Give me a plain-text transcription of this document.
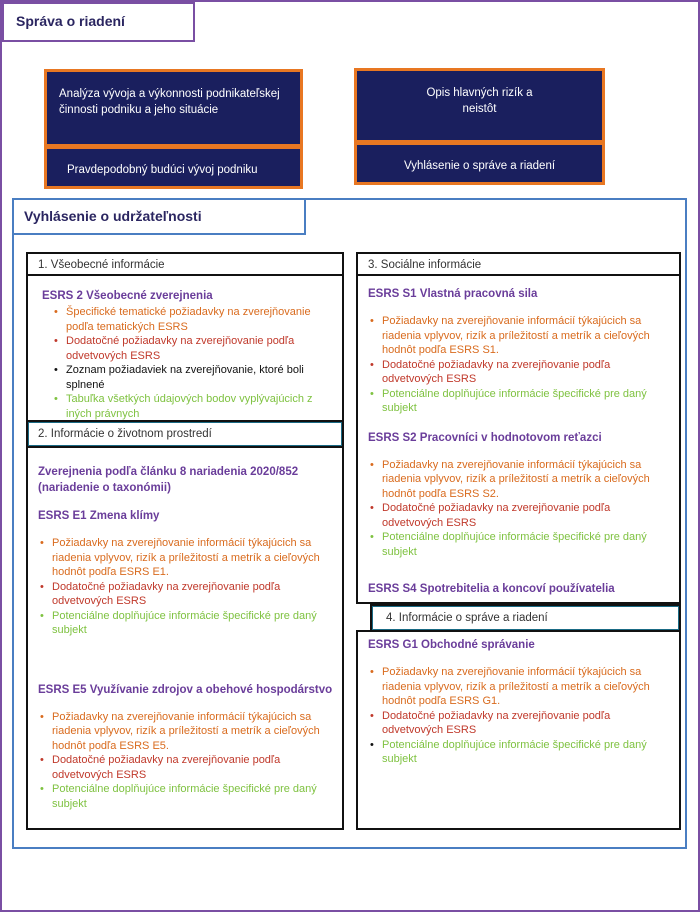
Správa o riadení
Analýza vývoja a výkonnosti podnikateľskej činnosti podniku a jeho situácie
Pravdepodobný budúci vývoj podniku
Opis hlavných rizík a
neistôt
Vyhlásenie o správe a riadení
Vyhlásenie o udržateľnosti
ESRS 2 Všeobecné zverejnenia
• Špecifické tematické požiadavky na zverejňovanie podľa tematických ESRS
• Dodatočné požiadavky na zverejňovanie podľa odvetvových ESRS
• Zoznam požiadaviek na zverejňovanie, ktoré boli splnené
• Tabuľka všetkých údajových bodov vyplývajúcich z iných právnych
1. Všeobecné informácie
Zverejnenia podľa článku 8 nariadenia 2020/852 (nariadenie o taxonómii)
ESRS E1 Zmena klímy
• Požiadavky na zverejňovanie informácií týkajúcich sa riadenia vplyvov, rizík a príležitostí a metrík a cieľových hodnôt podľa ESRS E1.
• Dodatočné požiadavky na zverejňovanie podľa odvetvových ESRS
• Potenciálne doplňujúce informácie špecifické pre daný subjekt
ESRS E5 Využívanie zdrojov a obehové hospodárstvo
• Požiadavky na zverejňovanie informácií týkajúcich sa riadenia vplyvov, rizík a príležitostí a metrík a cieľových hodnôt podľa ESRS E5.
• Dodatočné požiadavky na zverejňovanie podľa odvetvových ESRS
• Potenciálne doplňujúce informácie špecifické pre daný subjekt
2. Informácie o životnom prostredí
ESRS S1 Vlastná pracovná sila
• Požiadavky na zverejňovanie informácií týkajúcich sa riadenia vplyvov, rizík a príležitostí a metrík a cieľových hodnôt podľa ESRS S1.
• Dodatočné požiadavky na zverejňovanie podľa odvetvových ESRS
• Potenciálne doplňujúce informácie špecifické pre daný subjekt
ESRS S2 Pracovníci v hodnotovom reťazci
• Požiadavky na zverejňovanie informácií týkajúcich sa riadenia vplyvov, rizík a príležitostí a metrík a cieľových hodnôt podľa ESRS S2.
• Dodatočné požiadavky na zverejňovanie podľa odvetvových ESRS
• Potenciálne doplňujúce informácie špecifické pre daný subjekt
ESRS S4 Spotrebitelia a koncoví používatelia
3. Sociálne informácie
ESRS G1 Obchodné správanie
• Požiadavky na zverejňovanie informácií týkajúcich sa riadenia vplyvov, rizík a príležitostí a metrík a cieľových hodnôt podľa ESRS G1.
• Dodatočné požiadavky na zverejňovanie podľa odvetvových ESRS
• Potenciálne doplňujúce informácie špecifické pre daný subjekt
4. Informácie o správe a riadení
